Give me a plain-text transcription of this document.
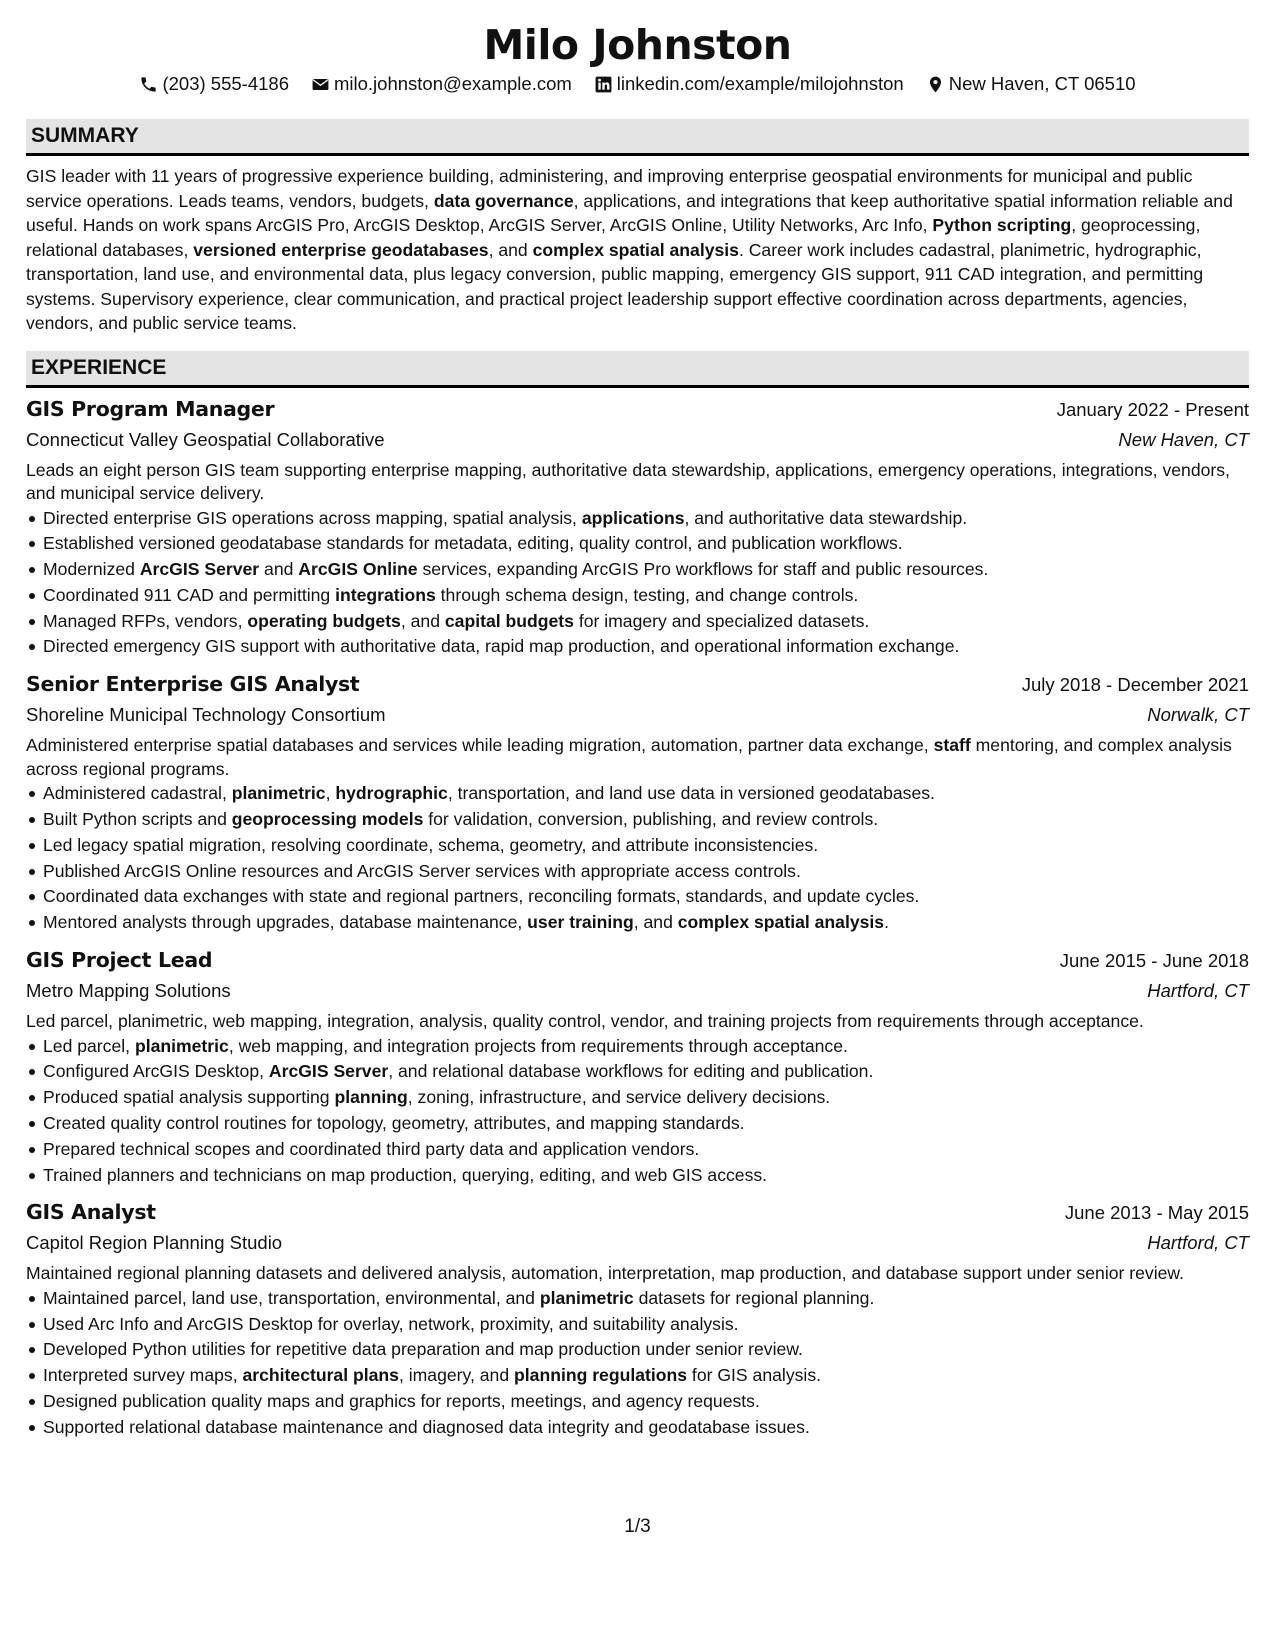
Milo Johnston
(203) 555-4186 milo.johnston@example.com linkedin.com/example/milojohnston New Haven, CT 06510
SUMMARY
GIS leader with 11 years of progressive experience building, administering, and improving enterprise geospatial environments for municipal and public service operations. Leads teams, vendors, budgets, data governance, applications, and integrations that keep authoritative spatial information reliable and useful. Hands on work spans ArcGIS Pro, ArcGIS Desktop, ArcGIS Server, ArcGIS Online, Utility Networks, Arc Info, Python scripting, geoprocessing, relational databases, versioned enterprise geodatabases, and complex spatial analysis. Career work includes cadastral, planimetric, hydrographic, transportation, land use, and environmental data, plus legacy conversion, public mapping, emergency GIS support, 911 CAD integration, and permitting systems. Supervisory experience, clear communication, and practical project leadership support effective coordination across departments, agencies, vendors, and public service teams.
EXPERIENCE
GIS Program Manager	January 2022 - Present
Connecticut Valley Geospatial Collaborative	New Haven, CT
Leads an eight person GIS team supporting enterprise mapping, authoritative data stewardship, applications, emergency operations, integrations, vendors, and municipal service delivery.
Directed enterprise GIS operations across mapping, spatial analysis, applications, and authoritative data stewardship.
Established versioned geodatabase standards for metadata, editing, quality control, and publication workflows.
Modernized ArcGIS Server and ArcGIS Online services, expanding ArcGIS Pro workflows for staff and public resources.
Coordinated 911 CAD and permitting integrations through schema design, testing, and change controls.
Managed RFPs, vendors, operating budgets, and capital budgets for imagery and specialized datasets.
Directed emergency GIS support with authoritative data, rapid map production, and operational information exchange.
Senior Enterprise GIS Analyst	July 2018 - December 2021
Shoreline Municipal Technology Consortium	Norwalk, CT
Administered enterprise spatial databases and services while leading migration, automation, partner data exchange, staff mentoring, and complex analysis across regional programs.
Administered cadastral, planimetric, hydrographic, transportation, and land use data in versioned geodatabases.
Built Python scripts and geoprocessing models for validation, conversion, publishing, and review controls.
Led legacy spatial migration, resolving coordinate, schema, geometry, and attribute inconsistencies.
Published ArcGIS Online resources and ArcGIS Server services with appropriate access controls.
Coordinated data exchanges with state and regional partners, reconciling formats, standards, and update cycles.
Mentored analysts through upgrades, database maintenance, user training, and complex spatial analysis.
GIS Project Lead	June 2015 - June 2018
Metro Mapping Solutions	Hartford, CT
Led parcel, planimetric, web mapping, integration, analysis, quality control, vendor, and training projects from requirements through acceptance.
Led parcel, planimetric, web mapping, and integration projects from requirements through acceptance.
Configured ArcGIS Desktop, ArcGIS Server, and relational database workflows for editing and publication.
Produced spatial analysis supporting planning, zoning, infrastructure, and service delivery decisions.
Created quality control routines for topology, geometry, attributes, and mapping standards.
Prepared technical scopes and coordinated third party data and application vendors.
Trained planners and technicians on map production, querying, editing, and web GIS access.
GIS Analyst	June 2013 - May 2015
Capitol Region Planning Studio	Hartford, CT
Maintained regional planning datasets and delivered analysis, automation, interpretation, map production, and database support under senior review.
Maintained parcel, land use, transportation, environmental, and planimetric datasets for regional planning.
Used Arc Info and ArcGIS Desktop for overlay, network, proximity, and suitability analysis.
Developed Python utilities for repetitive data preparation and map production under senior review.
Interpreted survey maps, architectural plans, imagery, and planning regulations for GIS analysis.
Designed publication quality maps and graphics for reports, meetings, and agency requests.
Supported relational database maintenance and diagnosed data integrity and geodatabase issues.
1/3
